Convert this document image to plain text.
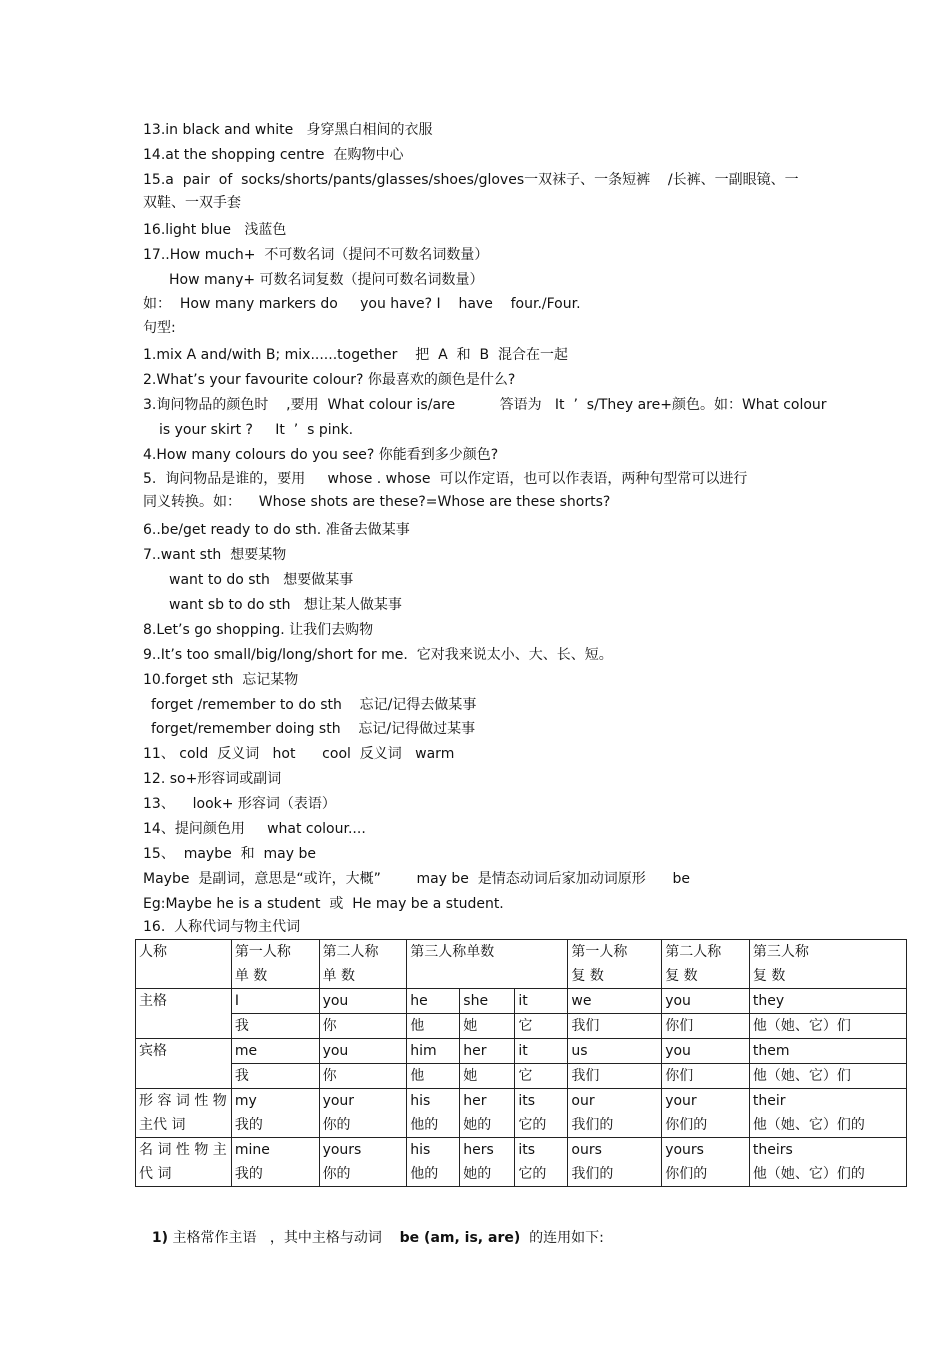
13.in black and white   身穿黑白相间的衣服
14.at the shopping centre  在购物中心
15.a  pair  of  socks/shorts/pants/glasses/shoes/gloves一双袜子、一条短裤    /长裤、一副眼镜、一
双鞋、一双手套
16.light blue   浅蓝色
17..How much+  不可数名词（提问不可数名词数量）
How many+ 可数名词复数（提问可数名词数量）
如：  How many markers do     you have? I    have    four./Four.
句型:
1.mix A and/with B; mix......together    把  A  和  B  混合在一起
2.What’s your favourite colour? 你最喜欢的颜色是什么?
3.询问物品的颜色时    ,要用  What colour is/are          答语为   It  ’  s/They are+颜色。如：What colour
is your skirt ?     It  ’  s pink.
4.How many colours do you see? 你能看到多少颜色?
5.  询问物品是谁的，要用     whose . whose  可以作定语，也可以作表语，两种句型常可以进行
同义转换。如：    Whose shots are these?=Whose are these shorts?
6..be/get ready to do sth. 准备去做某事
7..want sth  想要某物
want to do sth   想要做某事
want sb to do sth   想让某人做某事
8.Let’s go shopping. 让我们去购物
9..It’s too small/big/long/short for me.  它对我来说太小、大、长、短。
10.forget sth  忘记某物
forget /remember to do sth    忘记/记得去做某事
forget/remember doing sth    忘记/记得做过某事
11、 cold  反义词   hot      cool  反义词   warm
12. so+形容词或副词
13、    look+ 形容词（表语）
14、提问颜色用     what colour....
15、  maybe  和  may be
Maybe  是副词，意思是“或许，大概”        may be  是情态动词后家加动词原形      be
Eg:Maybe he is a student  或  He may be a student.
16.  人称代词与物主代词
人称	第一人称	第二人称	第三人称单数			第一人称	第二人称	第三人称
	单 数	单 数				复 数	复 数	复 数
主格	I	you	he	she	it	we	you	they
	我	你	他	她	它	我们	你们	他（她、它）们
宾格	me	you	him	her	it	us	you	them
	我	你	他	她	它	我们	你们	他（她、它）们
形 容 词 性 物主代 词	my	your	his	her	its	our	your	their
	我的	你的	他的	她的	它的	我们的	你们的	他（她、它）们的
名 词 性 物 主代 词	mine	yours	his	hers	its	ours	yours	theirs
	我的	你的	他的	她的	它的	我们的	你们的	他（她、它）们的

1) 主格常作主语   ，其中主格与动词    be (am, is, are)  的连用如下:
